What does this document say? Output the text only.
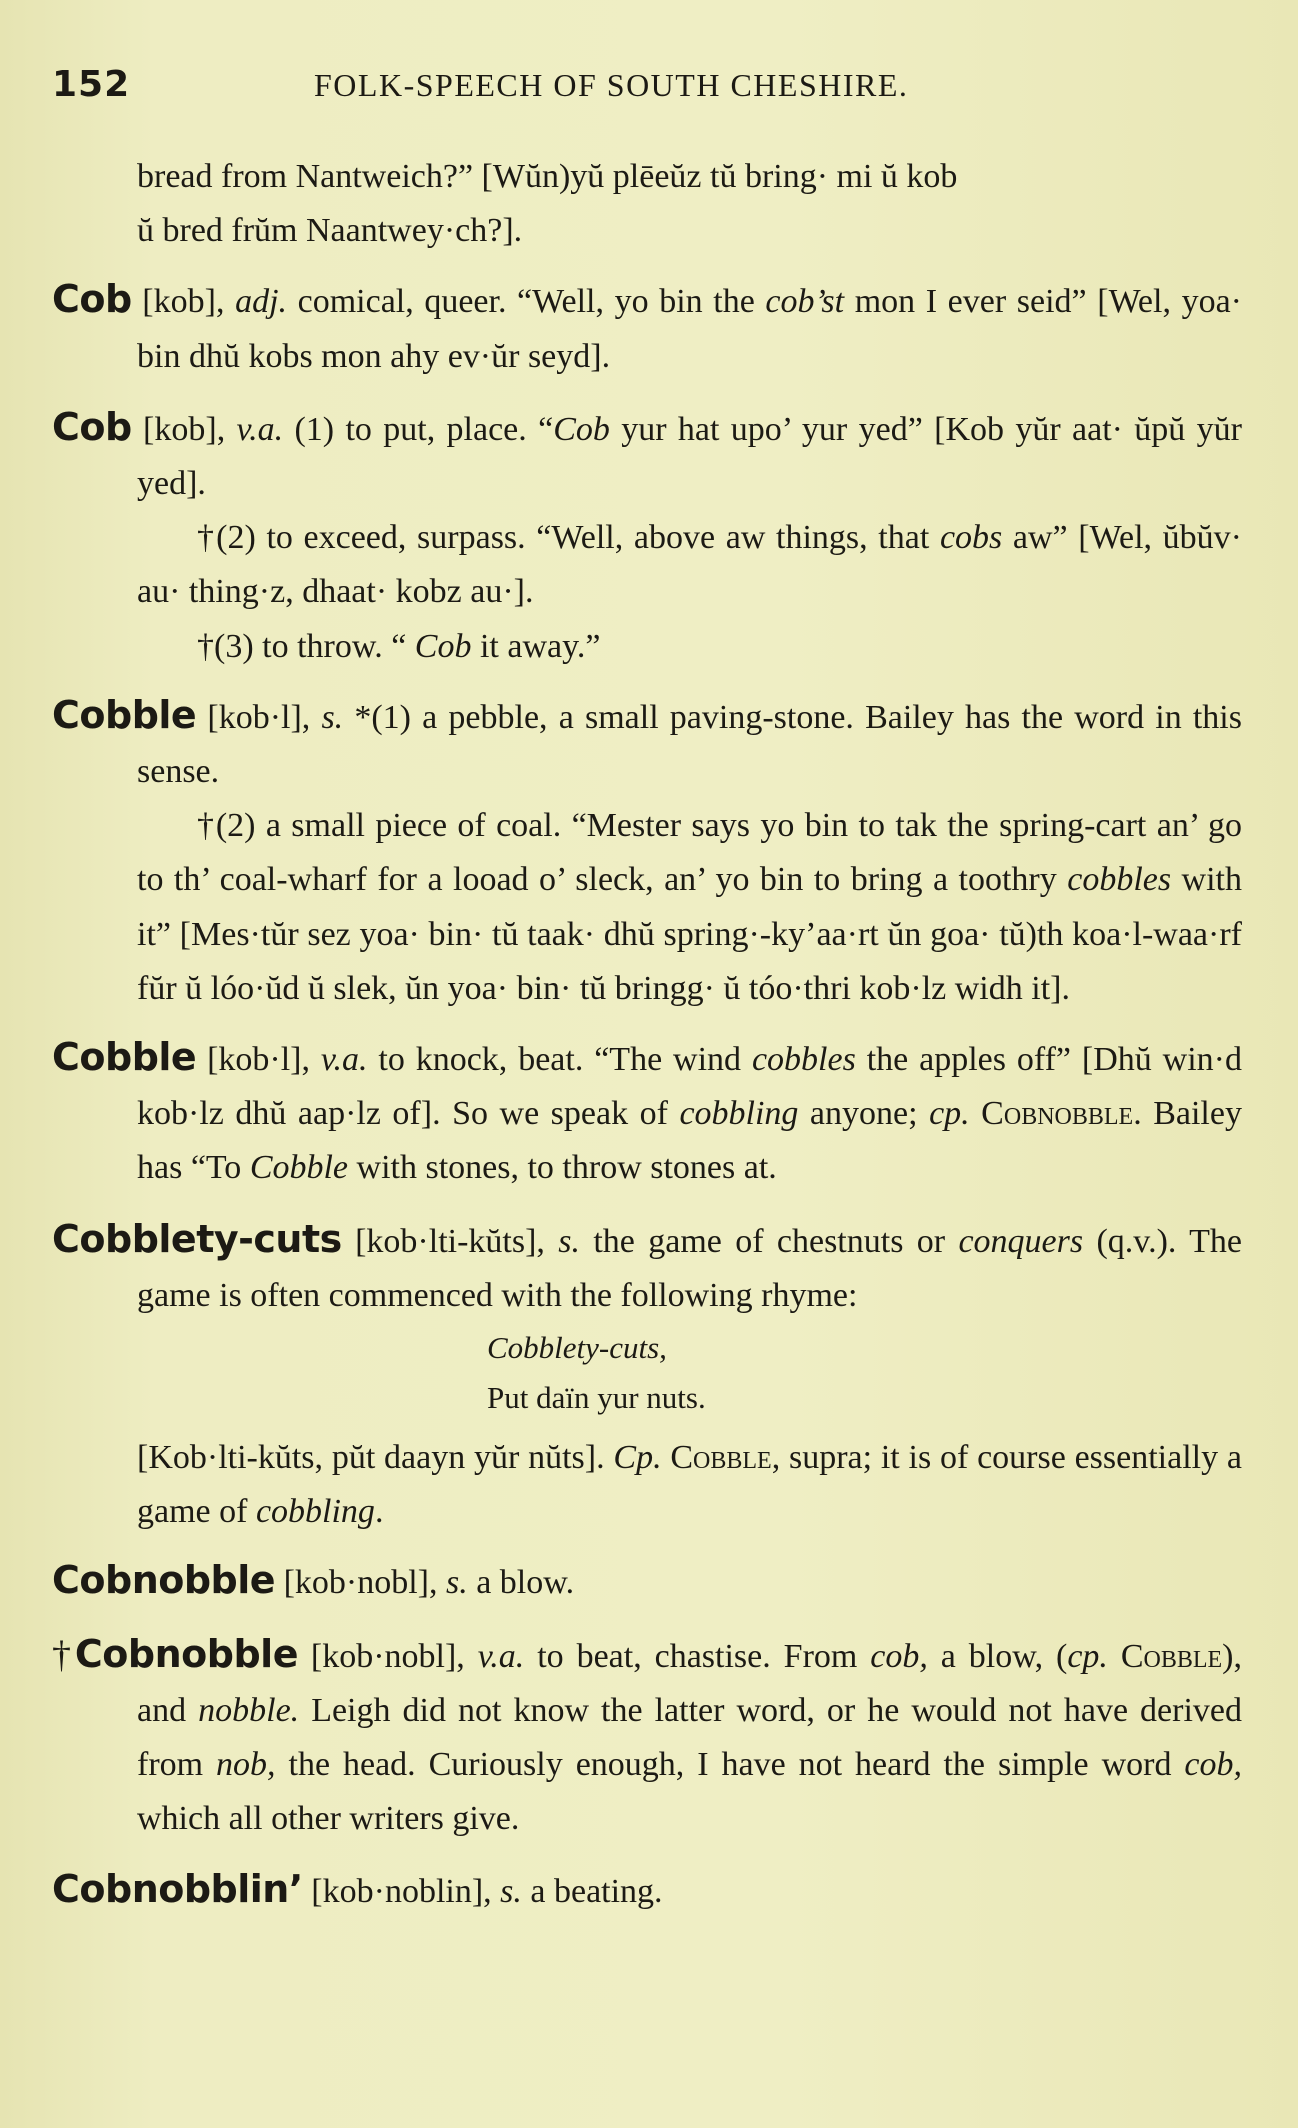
152	FOLK-SPEECH OF SOUTH CHESHIRE.

bread from Nantweich?” [Wŭn)yŭ plēeŭz tŭ bring· mi ŭ kob
ŭ bred frŭm Naantwey·ch?].

Cob [kob], adj. comical, queer. “Well, yo bin the cob’st mon I ever seid” [Wel, yoa· bin dhŭ kobs mon ahy ev·ŭr seyd].

Cob [kob], v.a. (1) to put, place. “Cob yur hat upo’ yur yed” [Kob yŭr aat· ŭpŭ yŭr yed].
†(2) to exceed, surpass. “Well, above aw things, that cobs aw” [Wel, ŭbŭv· au· thing·z, dhaat· kobz au·].
†(3) to throw. “ Cob it away.”
Cobble [kob·l], s. *(1) a pebble, a small paving-stone. Bailey has the word in this sense.
†(2) a small piece of coal. “Mester says yo bin to tak the spring-cart an’ go to th’ coal-wharf for a looad o’ sleck, an’ yo bin to bring a toothry cobbles with it” [Mes·tŭr sez yoa· bin· tŭ taak· dhŭ spring·-ky’aa·rt ŭn goa· tŭ)th koa·l-waa·rf fŭr ŭ lóo·ŭd ŭ slek, ŭn yoa· bin· tŭ bringg· ŭ tóo·thri kob·lz widh it].

Cobble [kob·l], v.a. to knock, beat. “The wind cobbles the apples off” [Dhŭ win·d kob·lz dhŭ aap·lz of]. So we speak of cobbling anyone; cp. Cobnobble. Bailey has “To Cobble with stones, to throw stones at.

Cobblety-cuts [kob·lti-kŭts], s. the game of chestnuts or conquers (q.v.). The game is often commenced with the following rhyme:
Cobblety-cuts,
Put daïn yur nuts.
[Kob·lti-kŭts, pŭt daayn yŭr nŭts]. Cp. Cobble, supra; it is of course essentially a game of cobbling.

Cobnobble [kob·nobl], s. a blow.

†Cobnobble [kob·nobl], v.a. to beat, chastise. From cob, a blow, (cp. Cobble), and nobble. Leigh did not know the latter word, or he would not have derived from nob, the head. Curiously enough, I have not heard the simple word cob, which all other writers give.

Cobnobblin’ [kob·noblin], s. a beating.
